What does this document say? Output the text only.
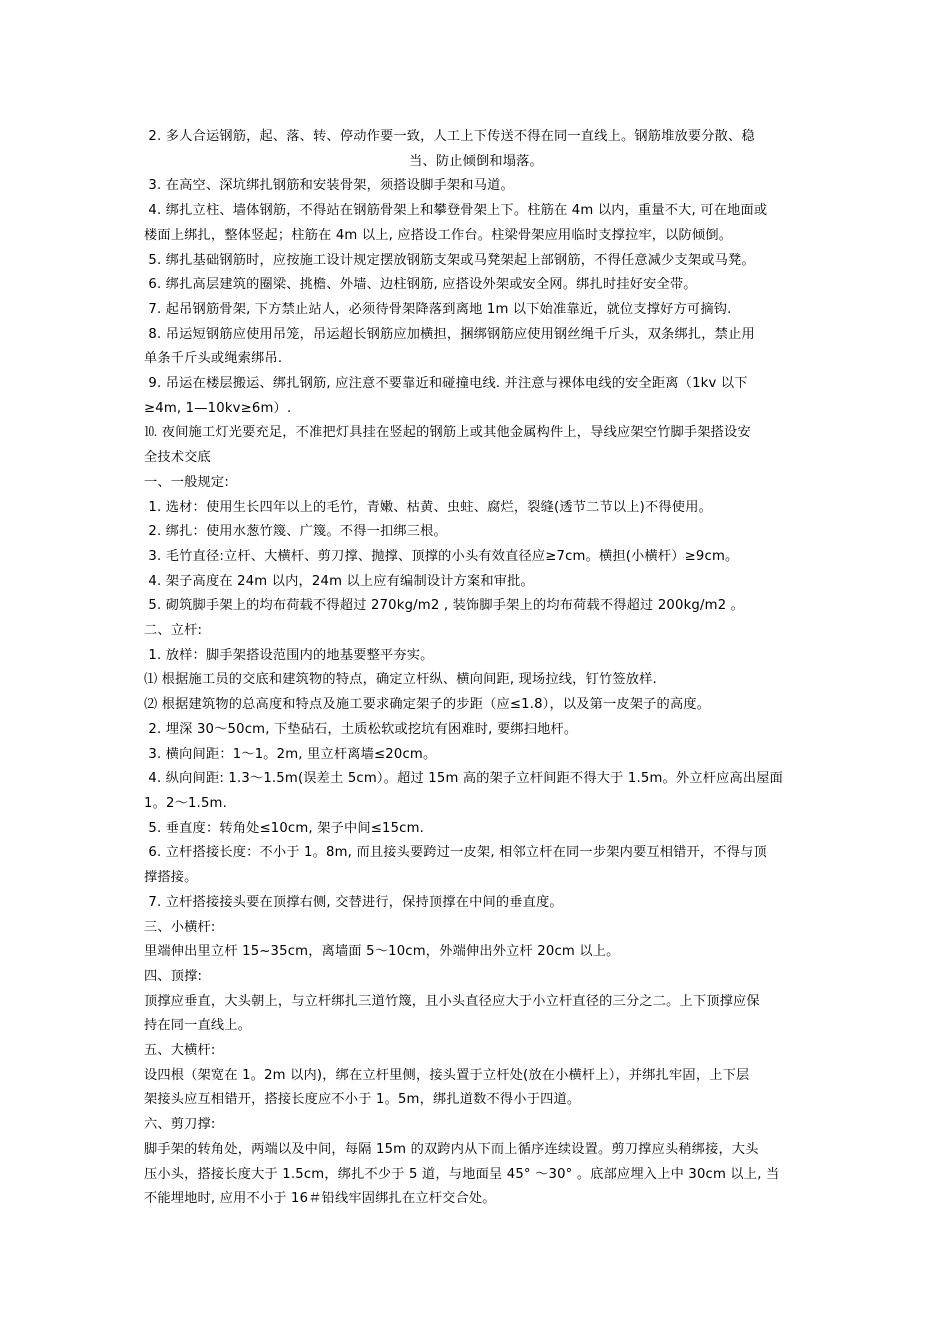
2. 多人合运钢筋，起、落、转、停动作要一致，人工上下传送不得在同一直线上。钢筋堆放要分散、稳
当、防止倾倒和塌落。
3. 在高空、深坑绑扎钢筋和安装骨架，须搭设脚手架和马道。
4. 绑扎立柱、墙体钢筋，不得站在钢筋骨架上和攀登骨架上下。柱筋在 4m 以内，重量不大, 可在地面或
楼面上绑扎，整体竖起；柱筋在 4m 以上, 应搭设工作台。柱梁骨架应用临时支撑拉牢，以防倾倒。
5. 绑扎基础钢筋时，应按施工设计规定摆放钢筋支架或马凳架起上部钢筋，不得任意减少支架或马凳。
6. 绑扎高层建筑的圈梁、挑檐、外墙、边柱钢筋, 应搭设外架或安全网。绑扎时挂好安全带。
7. 起吊钢筋骨架, 下方禁止站人，必须待骨架降落到离地 1m 以下始准靠近，就位支撑好方可摘钩.
8. 吊运短钢筋应使用吊笼，吊运超长钢筋应加横担，捆绑钢筋应使用钢丝绳千斤头，双条绑扎，禁止用
单条千斤头或绳索绑吊.
9. 吊运在楼层搬运、绑扎钢筋, 应注意不要靠近和碰撞电线. 并注意与裸体电线的安全距离（1kv 以下
≥4m, 1—10kv≥6m）.
⒑ 夜间施工灯光要充足，不准把灯具挂在竖起的钢筋上或其他金属构件上，导线应架空竹脚手架搭设安
全技术交底
一、一般规定:
1. 选材：使用生长四年以上的毛竹，青嫩、枯黄、虫蛀、腐烂，裂缝(透节二节以上)不得使用。
2. 绑扎：使用水葱竹篾、广篾。不得一扣绑三根。
3. 毛竹直径:立杆、大横杆、剪刀撑、抛撑、顶撑的小头有效直径应≥7cm。横担(小横杆）≥9cm。
4. 架子高度在 24m 以内，24m 以上应有编制设计方案和审批。
5. 砌筑脚手架上的均布荷载不得超过 270kg/m2 , 装饰脚手架上的均布荷载不得超过 200kg/m2 。
二、立杆:
1. 放样：脚手架搭设范围内的地基要整平夯实。
⑴ 根据施工员的交底和建筑物的特点，确定立杆纵、横向间距, 现场拉线，钉竹签放样.
⑵ 根据建筑物的总高度和特点及施工要求确定架子的步距（应≤1.8），以及第一皮架子的高度。
2. 埋深 30～50cm, 下垫砧石，土质松软或挖坑有困难时, 要绑扫地杆。
3. 横向间距：1～1。2m, 里立杆离墙≤20cm。
4. 纵向间距: 1.3～1.5m(误差土 5cm）。超过 15m 高的架子立杆间距不得大于 1.5m。外立杆应高出屋面
1。2～1.5m.
5. 垂直度：转角处≤10cm, 架子中间≤15cm.
6. 立杆搭接长度：不小于 1。8m, 而且接头要跨过一皮架, 相邻立杆在同一步架内要互相错开，不得与顶
撑搭接。
7. 立杆搭接接头要在顶撑右侧, 交替进行，保持顶撑在中间的垂直度。
三、小横杆:
里端伸出里立杆 15~35cm，离墙面 5～10cm，外端伸出外立杆 20cm 以上。
四、顶撑:
顶撑应垂直，大头朝上，与立杆绑扎三道竹篾，且小头直径应大于小立杆直径的三分之二。上下顶撑应保
持在同一直线上。
五、大横杆:
设四根（架宽在 1。2m 以内)，绑在立杆里侧，接头置于立杆处(放在小横杆上），并绑扎牢固，上下层
架接头应互相错开，搭接长度应不小于 1。5m，绑扎道数不得小于四道。
六、剪刀撑:
脚手架的转角处，两端以及中间，每隔 15m 的双跨内从下而上循序连续设置。剪刀撑应头稍绑接，大头
压小头，搭接长度大于 1.5cm，绑扎不少于 5 道，与地面呈 45° ～30° 。底部应埋入上中 30cm 以上, 当
不能埋地时, 应用不小于 16＃铅线牢固绑扎在立杆交合处。
